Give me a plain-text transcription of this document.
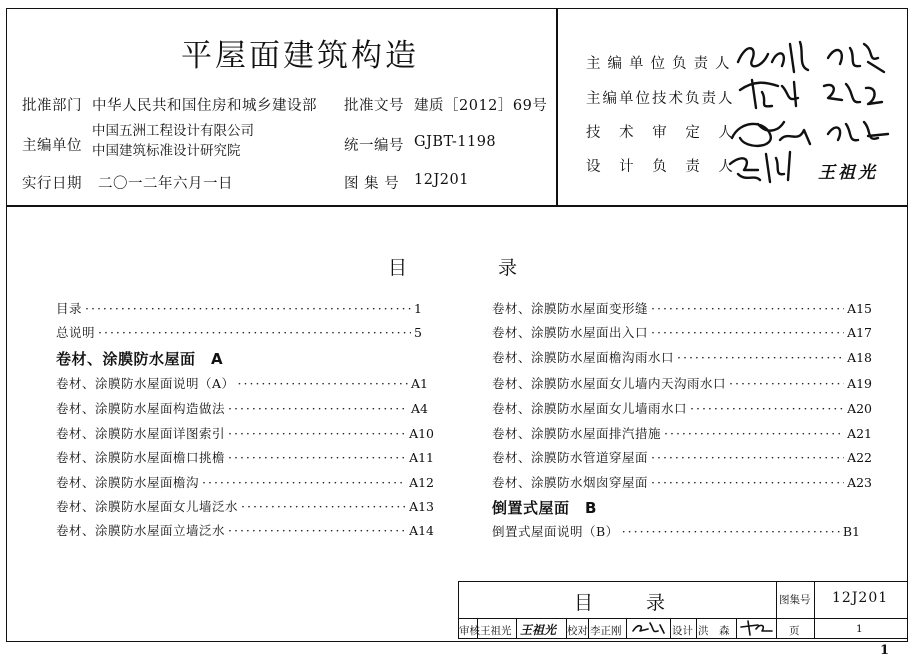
平屋面建筑构造
批准部门 中华人民共和国住房和城乡建设部 批准文号 建质［2012］69号
主编单位
中国五洲工程设计有限公司
中国建筑标准设计研究院	统一编号 GJBT-1198
实行日期 二〇一二年六月一日	图 集 号 12J201
主编单位负责人
主编单位技术负责人
技 术 审 定 人
设 计 负 责 人	王祖光
目	录
目录 ·····	1
总说明 ·····	5
卷材、涂膜防水屋面　A
卷材、涂膜防水屋面说明（A） ·····	A1
卷材、涂膜防水屋面构造做法 ·····	A4
卷材、涂膜防水屋面详图索引 ·····	A10
卷材、涂膜防水屋面檐口挑檐 ·····	A11
卷材、涂膜防水屋面檐沟 ·····	A12
卷材、涂膜防水屋面女儿墙泛水 ·····	A13
卷材、涂膜防水屋面立墙泛水 ·····	A14
卷材、涂膜防水屋面变形缝 ·····	A15
卷材、涂膜防水屋面出入口 ·····	A17
卷材、涂膜防水屋面檐沟雨水口 ·····	A18
卷材、涂膜防水屋面女儿墙内天沟雨水口 ·····	A19
卷材、涂膜防水屋面女儿墙雨水口 ·····	A20
卷材、涂膜防水屋面排汽措施 ·····	A21
卷材、涂膜防水管道穿屋面 ·····	A22
卷材、涂膜防水烟囱穿屋面 ·····	A23
倒置式屋面　B
倒置式屋面说明（B） ·····	B1
目	录	图集号 12J201
审核 王祖光 王祖光 校对 李正刚	设计 洪　森	页	1
1
